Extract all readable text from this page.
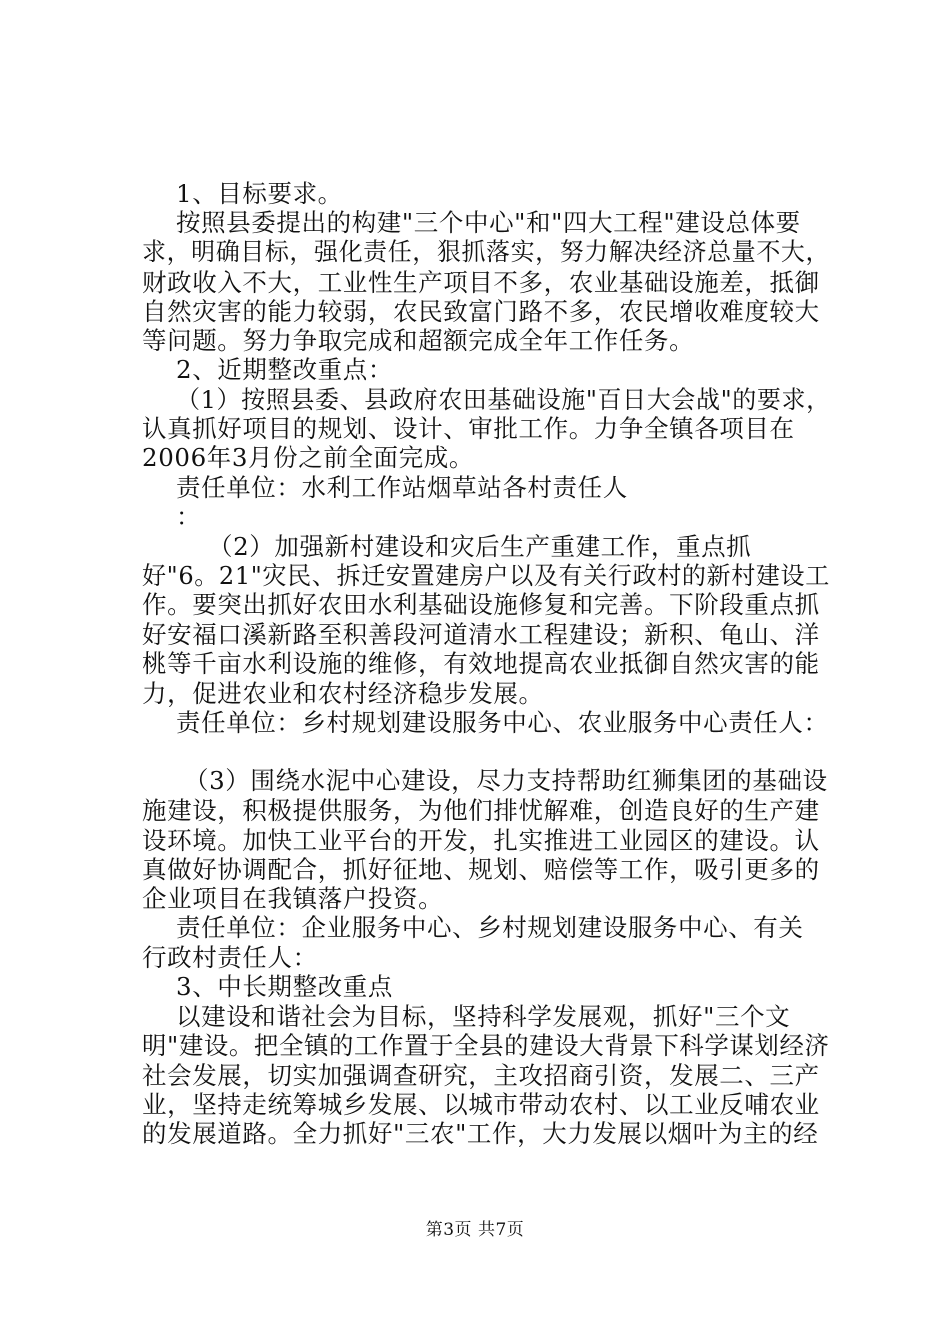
1、目标要求。
按照县委提出的构建"三个中心"和"四大工程"建设总体要
求，明确目标，强化责任，狠抓落实，努力解决经济总量不大，
财政收入不大，工业性生产项目不多，农业基础设施差，抵御
自然灾害的能力较弱，农民致富门路不多，农民增收难度较大
等问题。努力争取完成和超额完成全年工作任务。
2、近期整改重点：
（1）按照县委、县政府农田基础设施"百日大会战"的要求，
认真抓好项目的规划、设计、审批工作。力争全镇各项目在
2006年3月份之前全面完成。
责任单位：水利工作站烟草站各村责任人
：
（2）加强新村建设和灾后生产重建工作，重点抓
好"6。21"灾民、拆迁安置建房户以及有关行政村的新村建设工
作。要突出抓好农田水利基础设施修复和完善。下阶段重点抓
好安福口溪新路至积善段河道清水工程建设；新积、龟山、洋
桃等千亩水利设施的维修，有效地提高农业抵御自然灾害的能
力，促进农业和农村经济稳步发展。
责任单位：乡村规划建设服务中心、农业服务中心责任人：
（3）围绕水泥中心建设，尽力支持帮助红狮集团的基础设
施建设，积极提供服务，为他们排忧解难，创造良好的生产建
设环境。加快工业平台的开发，扎实推进工业园区的建设。认
真做好协调配合，抓好征地、规划、赔偿等工作，吸引更多的
企业项目在我镇落户投资。
责任单位：企业服务中心、乡村规划建设服务中心、有关
行政村责任人：
3、中长期整改重点
以建设和谐社会为目标，坚持科学发展观，抓好"三个文
明"建设。把全镇的工作置于全县的建设大背景下科学谋划经济
社会发展，切实加强调查研究，主攻招商引资，发展二、三产
业，坚持走统筹城乡发展、以城市带动农村、以工业反哺农业
的发展道路。全力抓好"三农"工作，大力发展以烟叶为主的经
第3页 共7页
